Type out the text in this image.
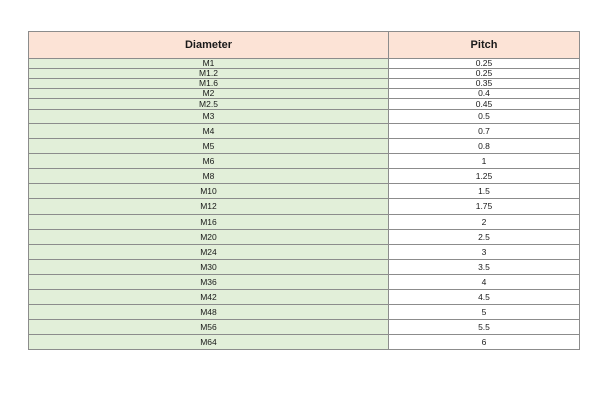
Diameter	Pitch
M1	0.25
M1.2	0.25
M1.6	0.35
M2	0.4
M2.5	0.45
M3	0.5
M4	0.7
M5	0.8
M6	1
M8	1.25
M10	1.5
M12	1.75
M16	2
M20	2.5
M24	3
M30	3.5
M36	4
M42	4.5
M48	5
M56	5.5
M64	6
